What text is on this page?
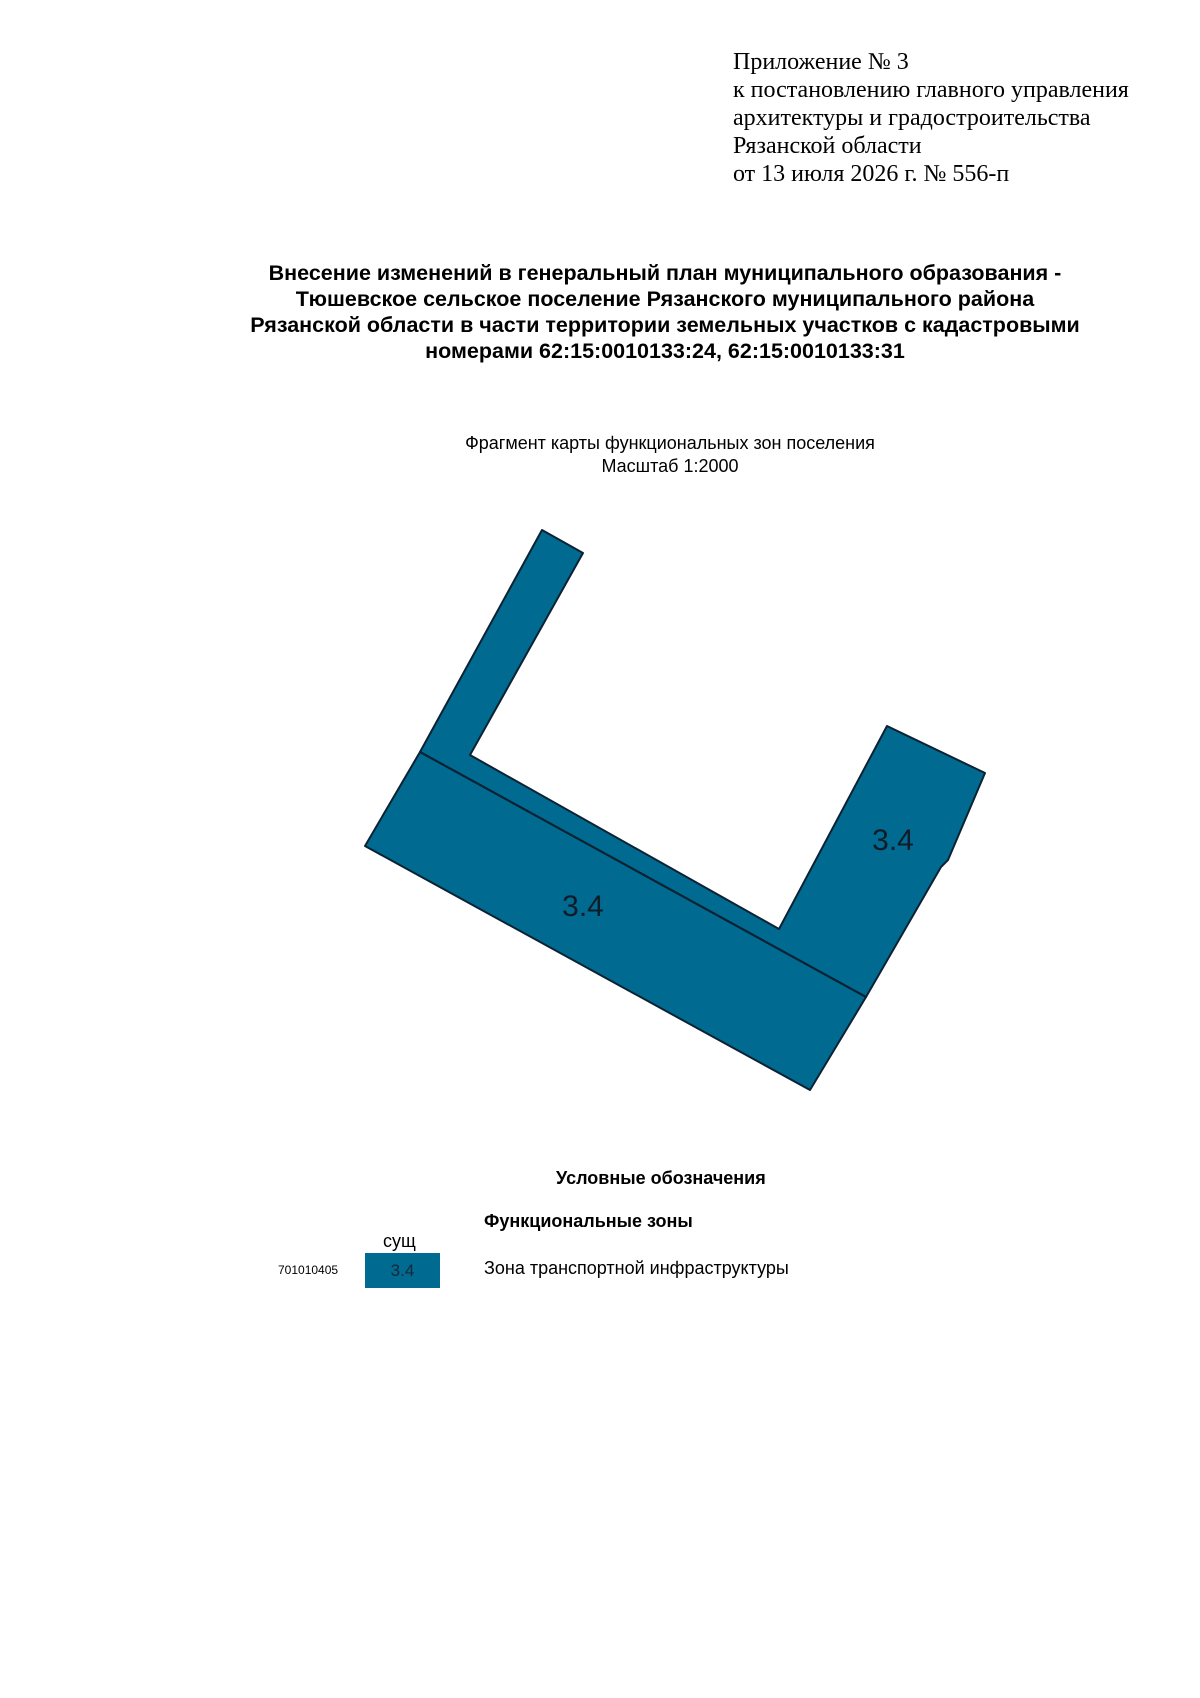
Приложение № 3
к постановлению главного управления
архитектуры и градостроительства
Рязанской области
от 13 июля 2026 г. № 556-п
Внесение изменений в генеральный план муниципального образования -
Тюшевское сельское поселение Рязанского муниципального района
Рязанской области в части территории земельных участков с кадастровыми
номерами 62:15:0010133:24, 62:15:0010133:31
Фрагмент карты функциональных зон поселения
Масштаб 1:2000
3.4
3.4
Условные обозначения
Функциональные зоны
сущ
701010405	3.4	Зона транспортной инфраструктуры
